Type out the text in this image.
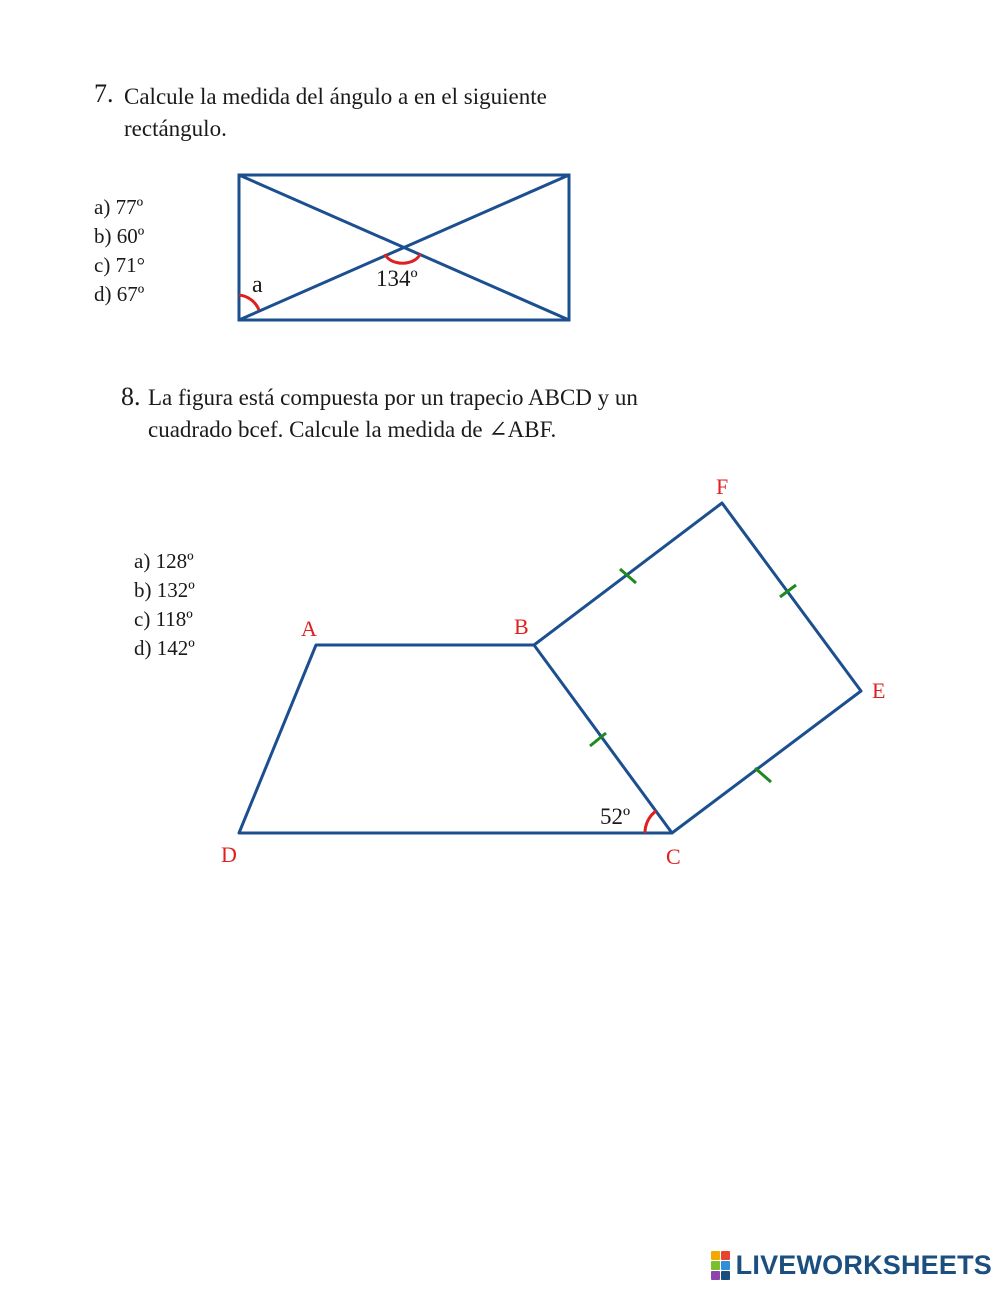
7. Calcule la medida del ángulo a en el siguiente
rectángulo.
a) 77º
b) 60º
c) 71°
d) 67º	a	134º
52º
A	B
C
D
E
F
8. La figura está compuesta por un trapecio ABCD y un
cuadrado bcef. Calcule la medida de ∠ABF.
a) 128º
b) 132º
c) 118º
d) 142º
LIVEWORKSHEETS
